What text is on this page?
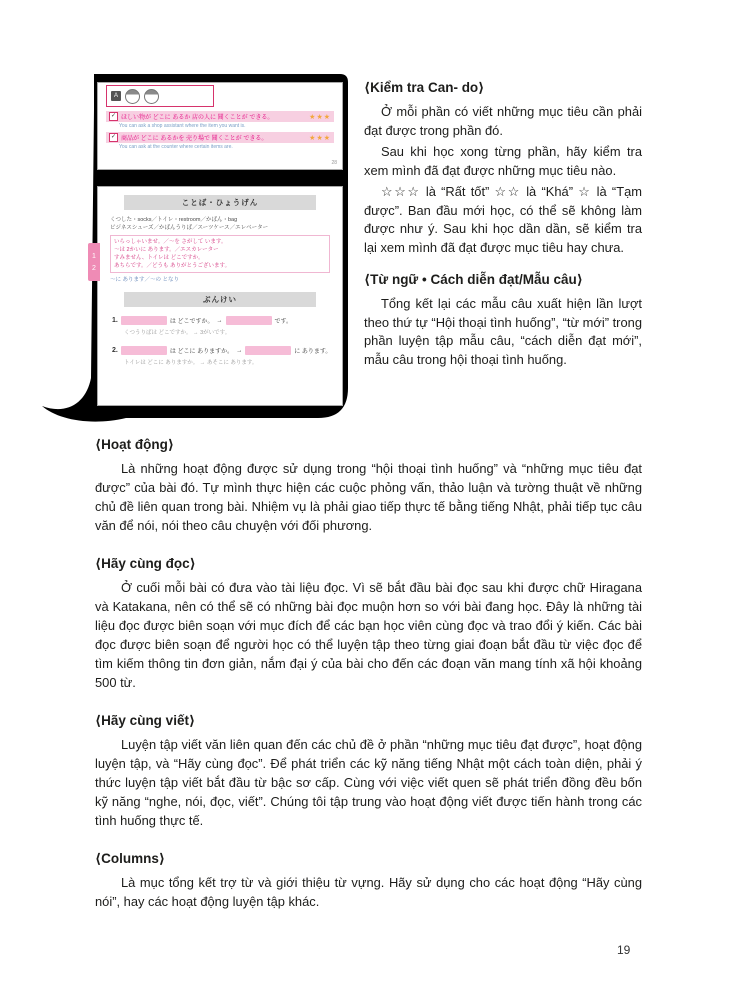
A
✓ ほしい物が どこに あるか 店の人に 聞くことが できる。	★★★
You can ask a shop assistant where the item you want is.
✓ 商品が どこに あるかを 売り場で 聞くことが できる。	★★★
You can ask at the counter where certain items are.
28
1
2
ことば・ひょうげん
くつした・socks／トイレ・restroom／かばん・bag
ビジネスシューズ／かばんうりば／スーツケース／エレベーター
いらっしゃいませ。／〜を さがして います。
〜は 2かいに あります。／エスカレーター
すみません、トイレは どこですか。
あちらです。／どうも ありがとうございます。
〜に あります／〜の となり
ぶんけい
1.	は どこですか。 →	です。
くつうりばは どこですか。 → 3がいです。
2.	は どこに ありますか。 →	に あります。
トイレは どこに ありますか。 → あそこに あります。
⟨Kiểm tra Can- do⟩

Ở mỗi phần có viết những mục tiêu cần phải đạt được trong phần đó.

Sau khi học xong từng phần, hãy kiểm tra xem mình đã đạt được những mục tiêu nào.

☆☆☆ là “Rất tốt” ☆☆ là “Khá” ☆ là “Tạm được”. Ban đầu mới học, có thể sẽ không làm được như ý. Sau khi học dần dần, sẽ kiểm tra lại xem mình đã đạt được mục tiêu hay chưa.

⟨Từ ngữ • Cách diễn đạt/Mẫu câu⟩

Tổng kết lại các mẫu câu xuất hiện lần lượt theo thứ tự “Hội thoại tình huống”, “từ mới” trong phần luyện tập mẫu câu, “cách diễn đạt mới”, mẫu câu trong hội thoại tình huống.

⟨Hoạt động⟩

Là những hoạt động được sử dụng trong “hội thoại tình huống” và “những mục tiêu đạt được” của bài đó. Tự mình thực hiện các cuộc phỏng vấn, thảo luận và tường thuật về những chủ đề liên quan trong bài. Nhiệm vụ là phải giao tiếp thực tế bằng tiếng Nhật, phải tiếp tục câu văn để nói, nói theo câu chuyện với đối phương.

⟨Hãy cùng đọc⟩

Ở cuối mỗi bài có đưa vào tài liệu đọc. Vì sẽ bắt đầu bài đọc sau khi được chữ Hiragana và Katakana, nên có thể sẽ có những bài đọc muộn hơn so với bài đang học. Đây là những tài liệu đọc được biên soạn với mục đích để các bạn học viên cùng đọc và trao đổi ý kiến. Các bài đọc được biên soạn để người học có thể luyện tập theo từng giai đoạn bắt đầu từ việc đọc để tìm kiếm thông tin đơn giản, nắm đại ý của bài cho đến các đoạn văn mang tính xã hội khoảng 500 từ.

⟨Hãy cùng viết⟩

Luyện tập viết văn liên quan đến các chủ đề ở phần “những mục tiêu đạt được”, hoạt động luyện tập, và “Hãy cùng đọc”. Để phát triển các kỹ năng tiếng Nhật một cách toàn diện, phải ý thức luyện tập viết bắt đầu từ bậc sơ cấp. Cùng với việc viết quen sẽ phát triển đồng đều bốn kỹ năng “nghe, nói, đọc, viết”. Chúng tôi tập trung vào hoạt động viết được tiến hành trong các tình huống thực tế.

⟨Columns⟩

Là mục tổng kết trợ từ và giới thiệu từ vựng. Hãy sử dụng cho các hoạt động “Hãy cùng nói”, hay các hoạt động luyện tập khác.

19
